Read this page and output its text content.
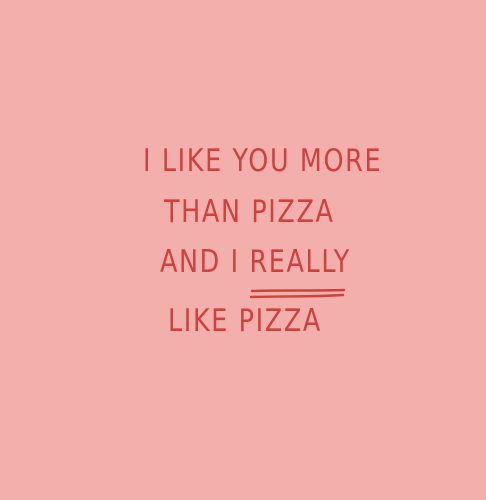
I LIKE YOU MORE

THAN PIZZA

AND I REALLY

LIKE PIZZA
